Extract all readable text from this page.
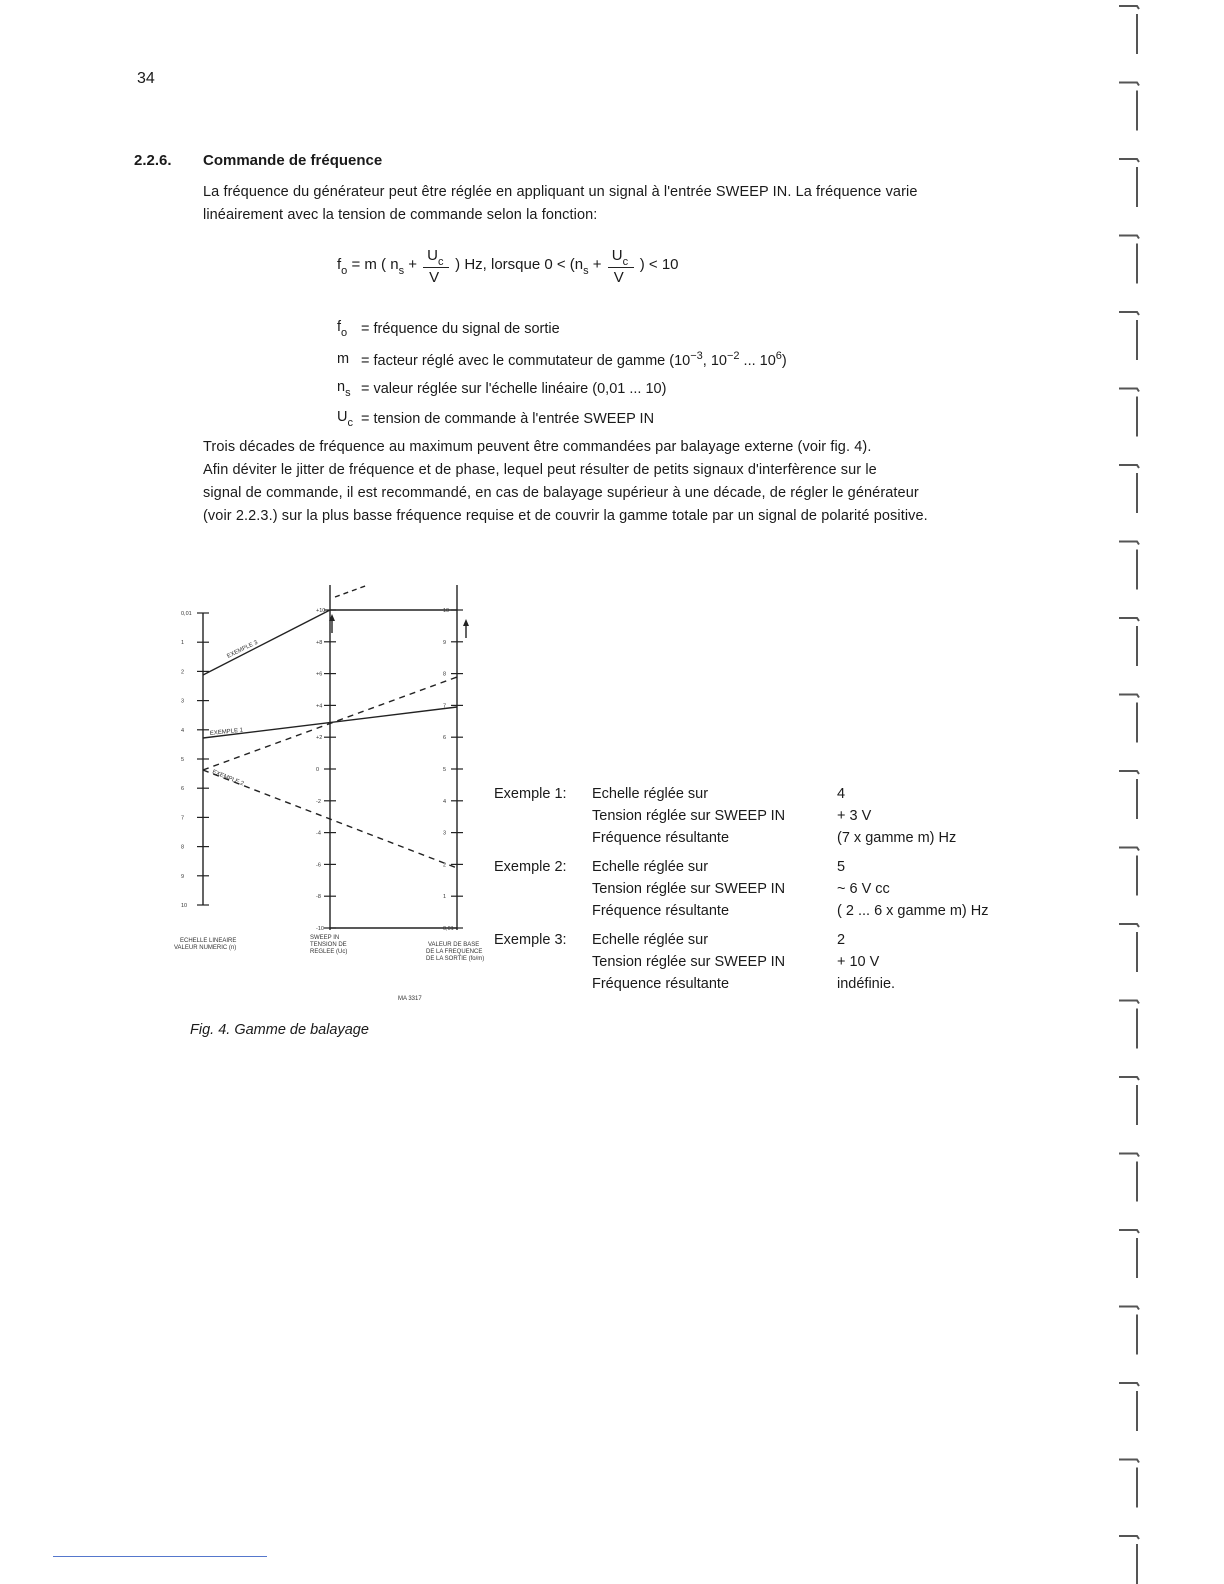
34
2.2.6. Commande de fréquence
La fréquence du générateur peut être réglée en appliquant un signal à l'entrée SWEEP IN. La fréquence varie
linéairement avec la tension de commande selon la fonction:
$f_o = m$ ( $n_s + \frac{U_c}{V}$ ) Hz, lorsque $0 < (n_s + \frac{U_c}{V}$ ) < 10
$f_o$ = fréquence du signal de sortie
m = facteur réglé avec le commutateur de gamme ($10^{-3}$, $10^{-2}$ ... $10^6$)
$n_s$ = valeur réglée sur l'échelle linéaire (0,01 ... 10)
$U_c$ = tension de commande à l'entrée SWEEP IN
Trois décades de fréquence au maximum peuvent être commandées par balayage externe (voir fig. 4).
Afin déviter le jitter de fréquence et de phase, lequel peut résulter de petits signaux d'interfèrence sur le
signal de commande, il est recommandé, en cas de balayage supérieur à une décade, de régler le générateur
(voir 2.2.3.) sur la plus basse fréquence requise et de couvrir la gamme totale par un signal de polarité positive.
0,01
1
2
3
4
5
6
7
8
9
10
+10
+8
+6
+4
+2
0
-2
-4
-6
-8
-10
10
9
8
7
6
5
4
3
2
1
0,01
ECHELLE LINEAIRE
VALEUR NUMERIC (n)
SWEEP IN
TENSION DE
REGLEE (Uc)
VALEUR DE BASE
DE LA FREQUENCE
DE LA SORTIE (fo/m)
EXEMPLE 3
EXEMPLE 1
EXEMPLE 2
MA 3317
Fig. 4. Gamme de balayage
Exemple 1:	Echelle réglée sur	4
Tension réglée sur SWEEP IN	+ 3 V
Fréquence résultante	(7 x gamme m) Hz
Exemple 2:	Echelle réglée sur	5
Tension réglée sur SWEEP IN	~ 6 V cc
Fréquence résultante	( 2 ... 6 x gamme m) Hz
Exemple 3:	Echelle réglée sur	2
Tension réglée sur SWEEP IN	+ 10 V
Fréquence résultante	indéfinie.
